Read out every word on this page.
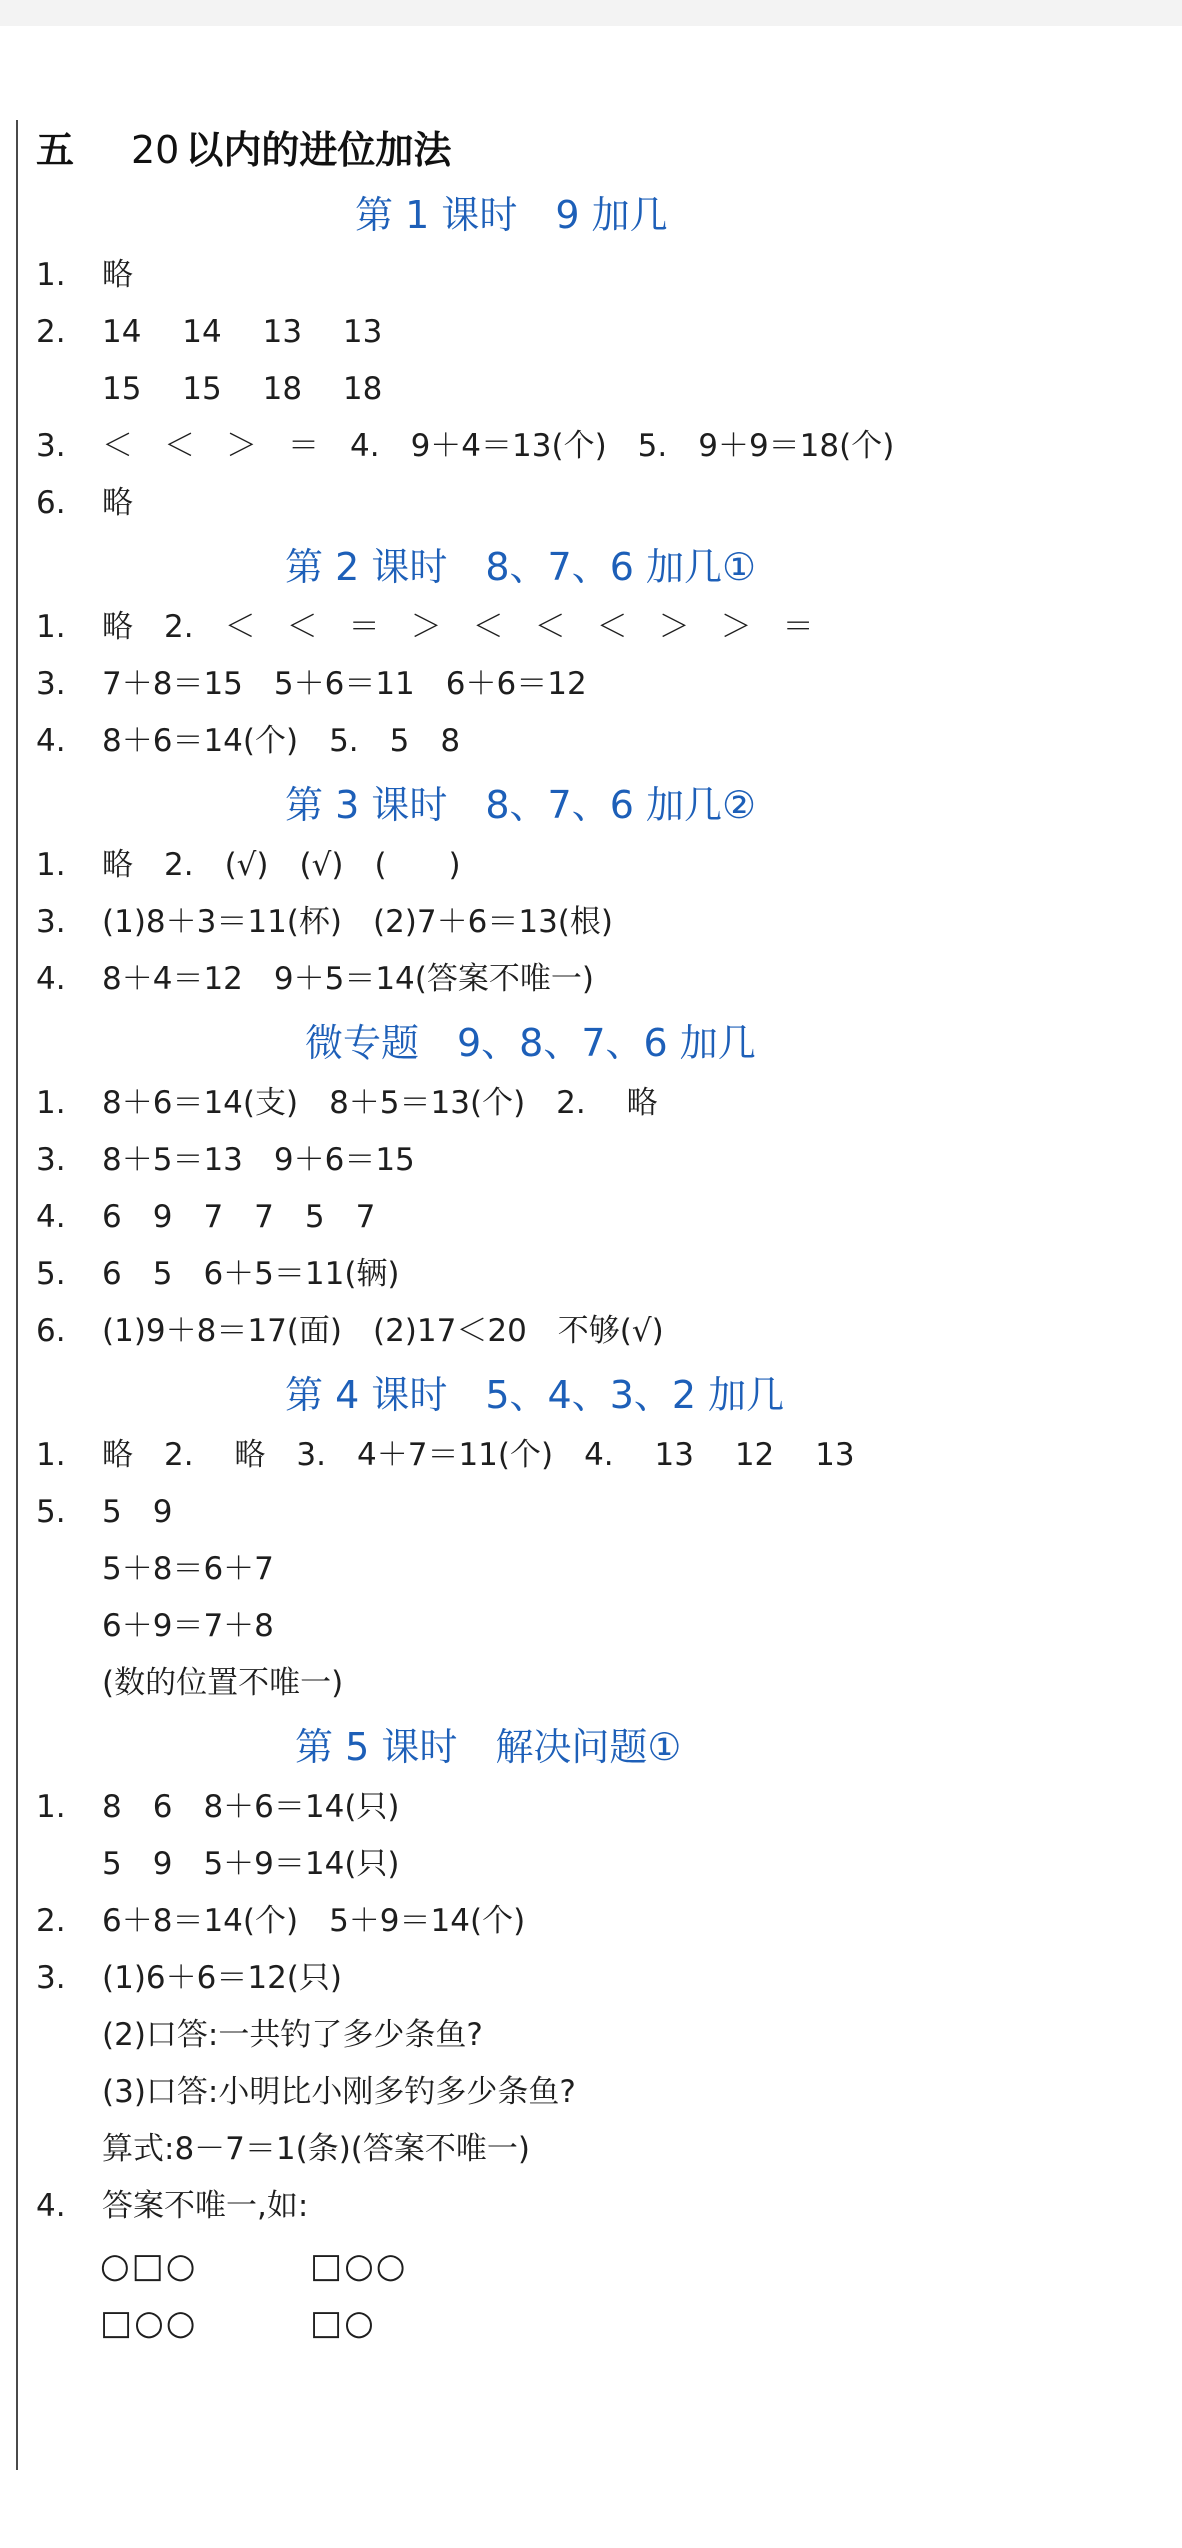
五 20 以内的进位加法
第 1 课时　9 加几
1. 略
2. 14　 14　 13　 13
15　 15　 18　 18
3. ＜　＜　＞　＝　4.　9＋4＝13(个)　5.　9＋9＝18(个)
6. 略
第 2 课时　8、7、6 加几①
1. 略　2.　＜　＜　＝　＞　＜　＜　＜　＞　＞　＝
3. 7＋8＝15　5＋6＝11　6＋6＝12
4. 8＋6＝14(个)　5.　5　8
第 3 课时　8、7、6 加几②
1. 略　2.　(√)　(√)　(　　)
3. (1)8＋3＝11(杯)　(2)7＋6＝13(根)
4. 8＋4＝12　9＋5＝14(答案不唯一)
微专题　9、8、7、6 加几
1. 8＋6＝14(支)　8＋5＝13(个)　2.　 略
3. 8＋5＝13　9＋6＝15
4. 6　9　7　7　5　7
5. 6　5　6＋5＝11(辆)
6. (1)9＋8＝17(面)　(2)17＜20　不够(√)
第 4 课时　5、4、3、2 加几
1. 略　2.　 略　3.　4＋7＝11(个)　4.　 13　 12　 13
5. 5　9
5＋8＝6＋7
6＋9＝7＋8
(数的位置不唯一)
第 5 课时　解决问题①
1. 8　6　8＋6＝14(只)
5　9　5＋9＝14(只)
2. 6＋8＝14(个)　5＋9＝14(个)
3. (1)6＋6＝12(只)
(2)口答:一共钓了多少条鱼?
(3)口答:小明比小刚多钓多少条鱼?
算式:8－7＝1(条)(答案不唯一)
4. 答案不唯一,如:
○□○	□○○
□○○	□○
